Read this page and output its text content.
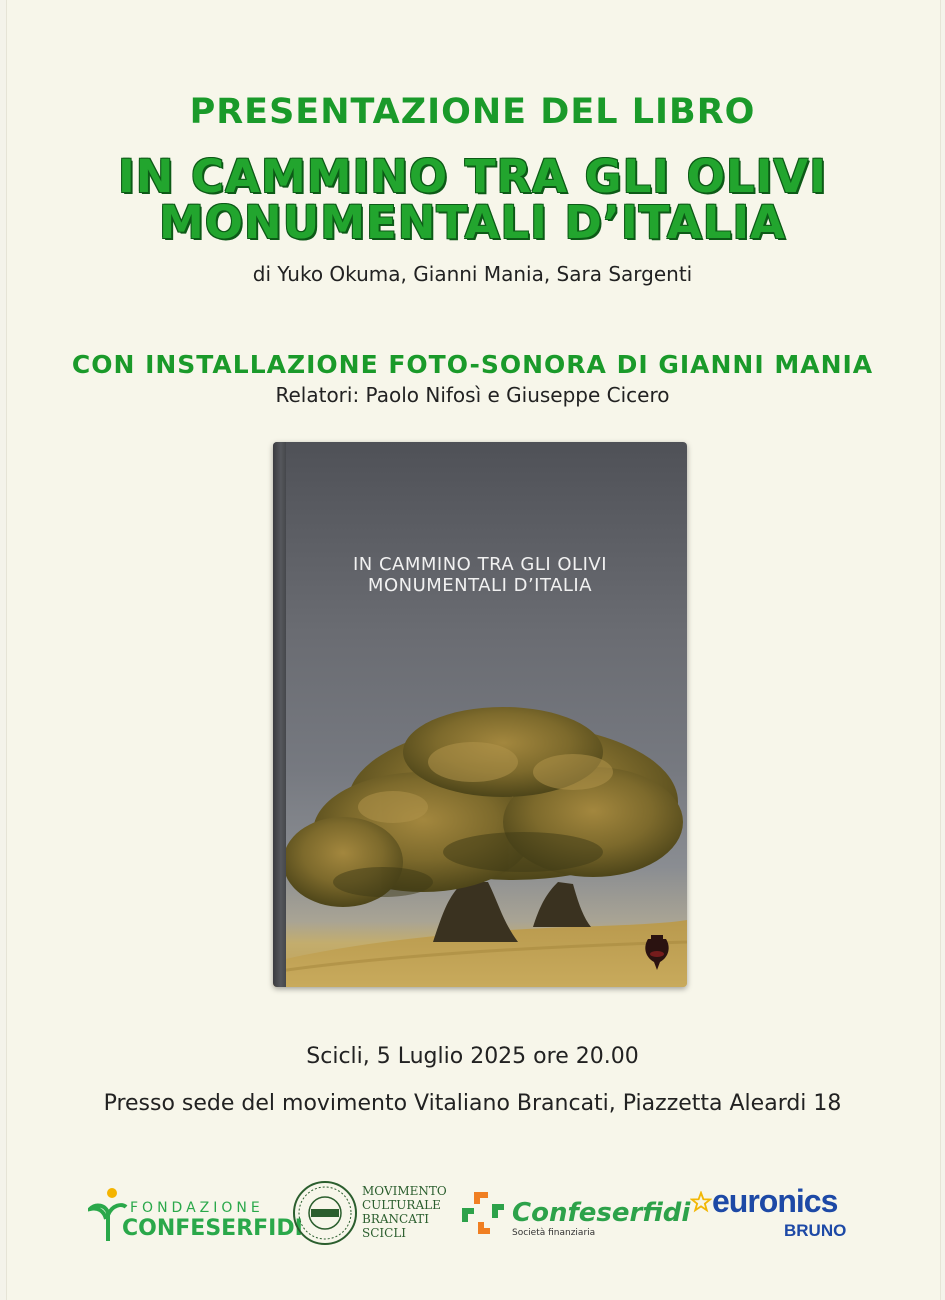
PRESENTAZIONE DEL LIBRO
IN CAMMINO TRA GLI OLIVI
MONUMENTALI D’ITALIA
di Yuko Okuma, Gianni Mania, Sara Sargenti
CON INSTALLAZIONE FOTO-SONORA DI GIANNI MANIA
Relatori: Paolo Nifosì e Giuseppe Cicero
IN CAMMINO TRA GLI OLIVI
MONUMENTALI D’ITALIA
Scicli, 5 Luglio 2025 ore 20.00
Presso sede del movimento Vitaliano Brancati, Piazzetta Aleardi 18
FONDAZIONE
CONFESERFIDI
MOVIMENTO
CULTURALE
BRANCATI
SCICLI
Confeserfidi
Società finanziaria
euronics
BRUNO
